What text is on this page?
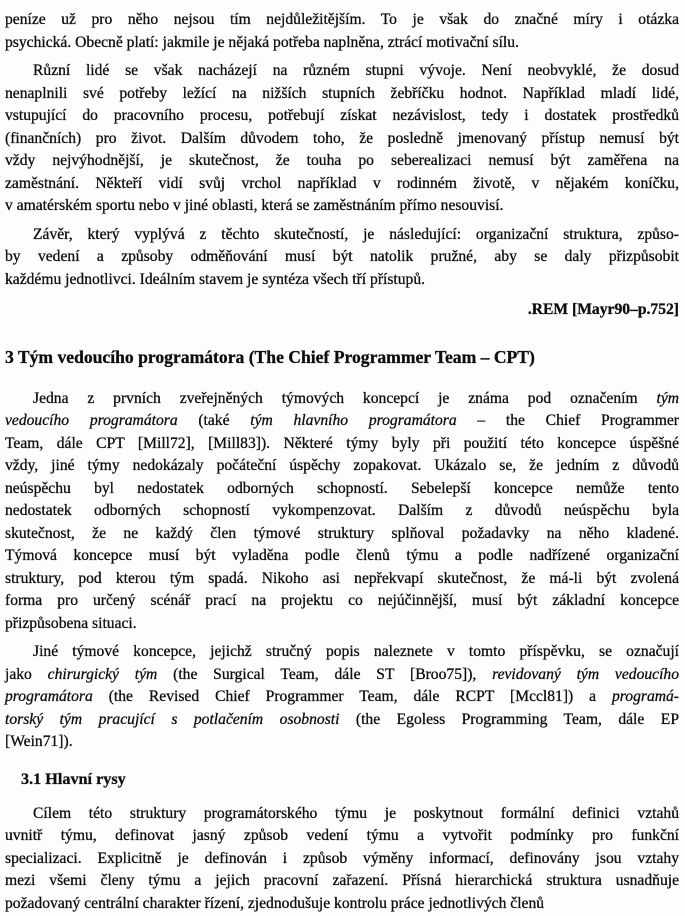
peníze už pro něho nejsou tím nejdůležitějším. To je však do značné míry i otázka
psychická. Obecně platí: jakmile je nějaká potřeba naplněna, ztrácí motivační sílu.
Různí lidé se však nacházejí na různém stupni vývoje. Není neobvyklé, že dosud
nenaplnili své potřeby ležící na nižších stupních žebříčku hodnot. Například mladí lidé,
vstupující do pracovního procesu, potřebují získat nezávislost, tedy i dostatek prostředků
(finančních) pro život. Dalším důvodem toho, že posledně jmenovaný přístup nemusí být
vždy nejvýhodnější, je skutečnost, že touha po seberealizaci nemusí být zaměřena na
zaměstnání. Někteří vidí svůj vrchol například v rodinném životě, v nějakém koníčku,
v amatérském sportu nebo v jiné oblasti, která se zaměstnáním přímo nesouvisí.
Závěr, který vyplývá z těchto skutečností, je následující: organizační struktura, způso-
by vedení a způsoby odměňování musí být natolik pružné, aby se daly přizpůsobit
každému jednotlivci. Ideálním stavem je syntéza všech tří přístupů.
.REM [Mayr90–p.752]
3 Tým vedoucího programátora (The Chief Programmer Team – CPT)
Jedna z prvních zveřejněných týmových koncepcí je známa pod označením tým
vedoucího programátora (také tým hlavního programátora – the Chief Programmer
Team, dále CPT [Mill72], [Mill83]). Některé týmy byly při použití této koncepce úspěšné
vždy, jiné týmy nedokázaly počáteční úspěchy zopakovat. Ukázalo se, že jedním z důvodů
neúspěchu byl nedostatek odborných schopností. Sebelepší koncepce nemůže tento
nedostatek odborných schopností vykompenzovat. Dalším z důvodů neúspěchu byla
skutečnost, že ne každý člen týmové struktury splňoval požadavky na něho kladené.
Týmová koncepce musí být vyladěna podle členů týmu a podle nadřízené organizační
struktury, pod kterou tým spadá. Nikoho asi nepřekvapí skutečnost, že má-li být zvolená
forma pro určený scénář prací na projektu co nejúčinnější, musí být základní koncepce
přizpůsobena situaci.
Jiné týmové koncepce, jejichž stručný popis naleznete v tomto příspěvku, se označují
jako chirurgický tým (the Surgical Team, dále ST [Broo75]), revidovaný tým vedoucího
programátora (the Revised Chief Programmer Team, dále RCPT [Mccl81]) a programá-
torský tým pracující s potlačením osobnosti (the Egoless Programming Team, dále EP
[Wein71]).
3.1 Hlavní rysy
Cílem této struktury programátorského týmu je poskytnout formální definici vztahů
uvnitř týmu, definovat jasný způsob vedení týmu a vytvořit podmínky pro funkční
specializaci. Explicitně je definován i způsob výměny informací, definovány jsou vztahy
mezi všemi členy týmu a jejich pracovní zařazení. Přísná hierarchická struktura usnadňuje
požadovaný centrální charakter řízení, zjednodušuje kontrolu práce jednotlivých členů
